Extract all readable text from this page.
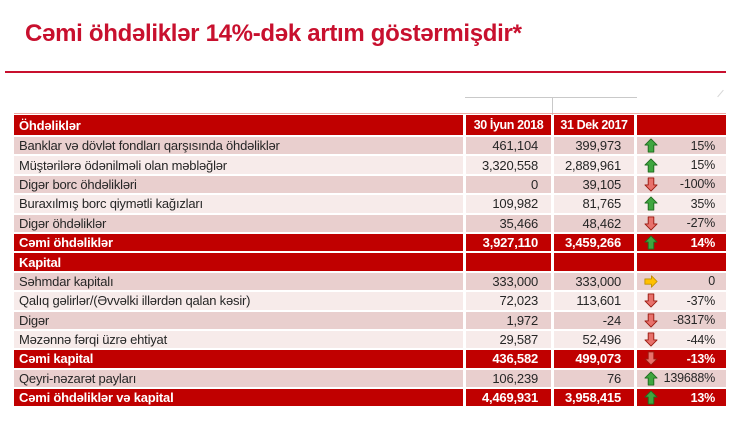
Cəmi öhdəliklər 14%-dək artım göstərmişdir*
Öhdəliklər	30 İyun 2018	31 Dek 2017
Banklar və dövlət fondları qarşısında öhdəliklər	461,104	399,973	15%
Müştərilərə ödənilməli olan məbləğlər	3,320,558	2,889,961	15%
Digər borc öhdəlikləri	0	39,105	-100%
Buraxılmış borc qiymətli kağızları	109,982	81,765	35%
Digər öhdəliklər	35,466	48,462	-27%
Cəmi öhdəliklər	3,927,110	3,459,266	14%
Kapital
Səhmdar kapitalı	333,000	333,000	0
Qalıq gəlirlər/(Əvvəlki illərdən qalan kəsir)	72,023	113,601	-37%
Digər	1,972	-24	-8317%
Məzənnə fərqi üzrə ehtiyat	29,587	52,496	-44%
Cəmi kapital	436,582	499,073	-13%
Qeyri-nəzarət payları	106,239	76	139688%
Cəmi öhdəliklər və kapital	4,469,931	3,958,415	13%
